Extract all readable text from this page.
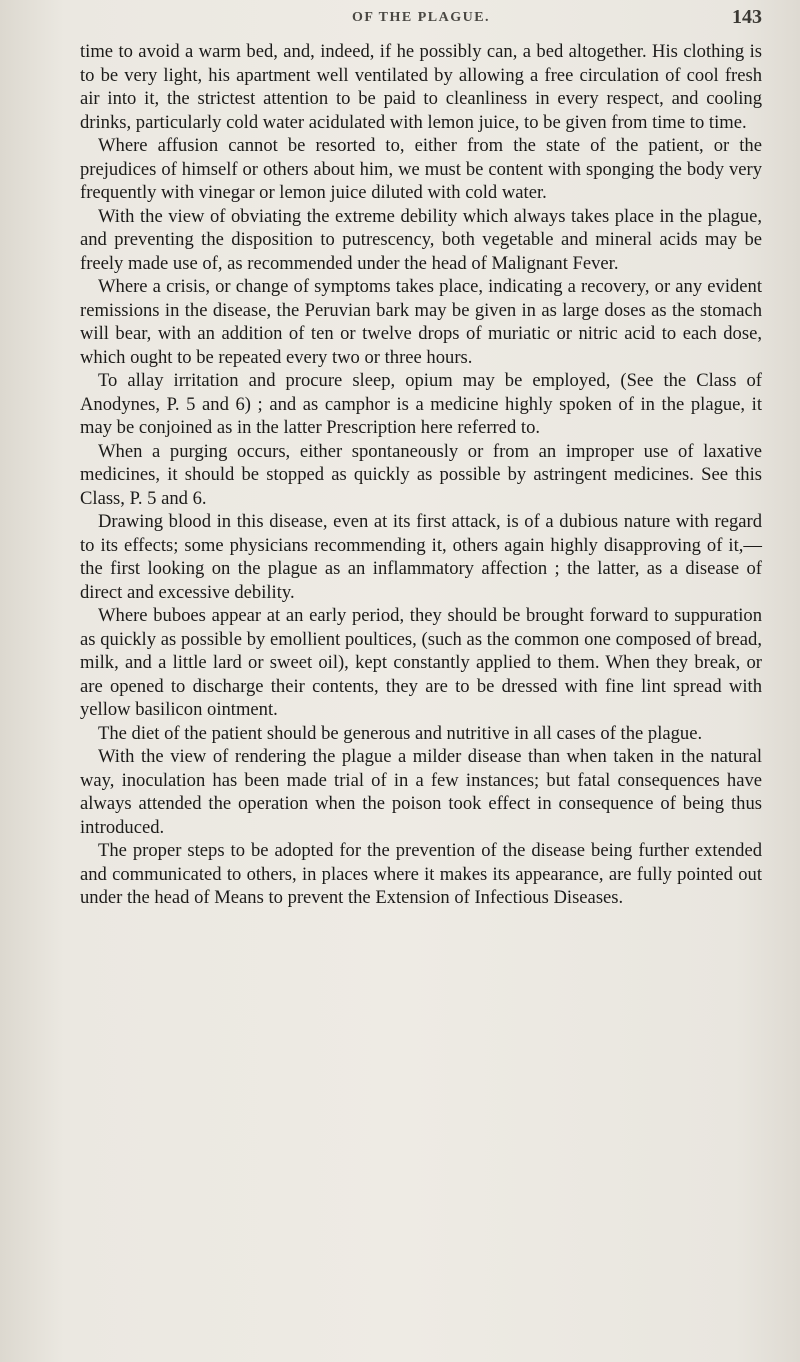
OF THE PLAGUE.	143

time to avoid a warm bed, and, indeed, if he possibly can, a bed altogether. His clothing is to be very light, his apartment well ventilated by allowing a free circulation of cool fresh air into it, the strictest attention to be paid to cleanliness in every respect, and cooling drinks, particularly cold water acidulated with lemon juice, to be given from time to time.

Where affusion cannot be resorted to, either from the state of the patient, or the prejudices of himself or others about him, we must be content with sponging the body very frequently with vinegar or lemon juice diluted with cold water.

With the view of obviating the extreme debility which always takes place in the plague, and preventing the disposition to putrescency, both vegetable and mineral acids may be freely made use of, as recommended under the head of Malignant Fever.

Where a crisis, or change of symptoms takes place, indicating a recovery, or any evident remissions in the disease, the Peruvian bark may be given in as large doses as the stomach will bear, with an addition of ten or twelve drops of muriatic or nitric acid to each dose, which ought to be repeated every two or three hours.

To allay irritation and procure sleep, opium may be employed, (See the Class of Anodynes, P. 5 and 6) ; and as camphor is a medicine highly spoken of in the plague, it may be conjoined as in the latter Prescription here referred to.

When a purging occurs, either spontaneously or from an improper use of laxative medicines, it should be stopped as quickly as possible by astringent medicines. See this Class, P. 5 and 6.

Drawing blood in this disease, even at its first attack, is of a dubious nature with regard to its effects; some physicians recommending it, others again highly disapproving of it,—the first looking on the plague as an inflammatory affection ; the latter, as a disease of direct and excessive debility.

Where buboes appear at an early period, they should be brought forward to suppuration as quickly as possible by emollient poultices, (such as the common one composed of bread, milk, and a little lard or sweet oil), kept constantly applied to them. When they break, or are opened to discharge their contents, they are to be dressed with fine lint spread with yellow basilicon ointment.

The diet of the patient should be generous and nutritive in all cases of the plague.

With the view of rendering the plague a milder disease than when taken in the natural way, inoculation has been made trial of in a few instances; but fatal consequences have always attended the operation when the poison took effect in consequence of being thus introduced.

The proper steps to be adopted for the prevention of the disease being further extended and communicated to others, in places where it makes its appearance, are fully pointed out under the head of Means to prevent the Extension of Infectious Diseases.
